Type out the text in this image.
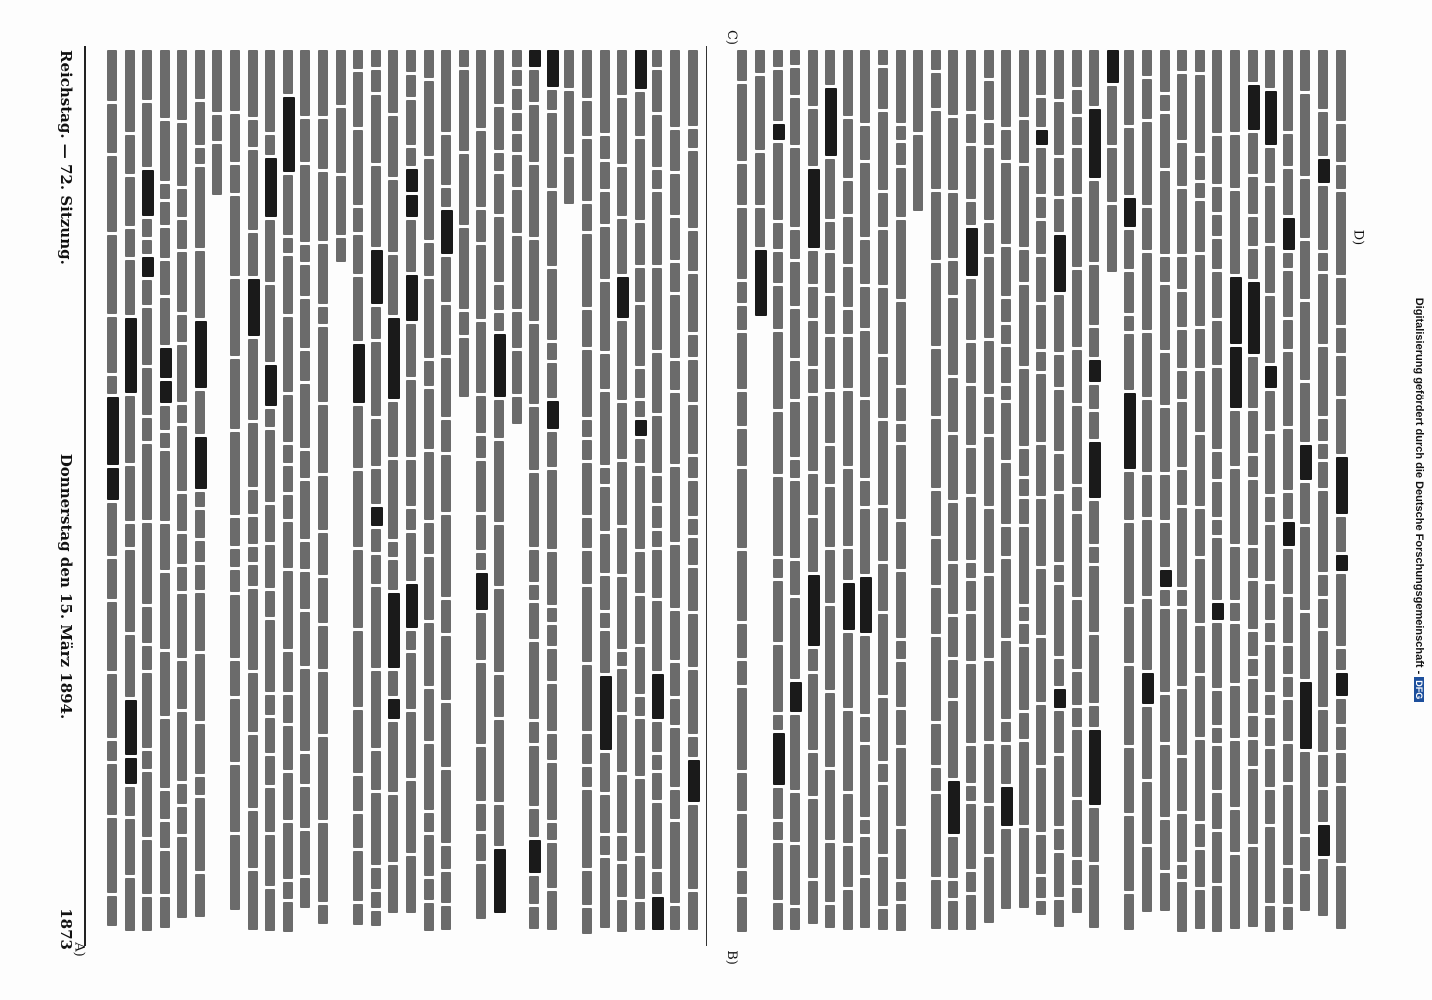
Reichstag. — 72. Sitzung.
Donnerstag den 15. März 1894.
1873
A)
B)
C)
D)
Digitalisierung gefördert durch die Deutsche Forschungsgemeinschaft -DFG
